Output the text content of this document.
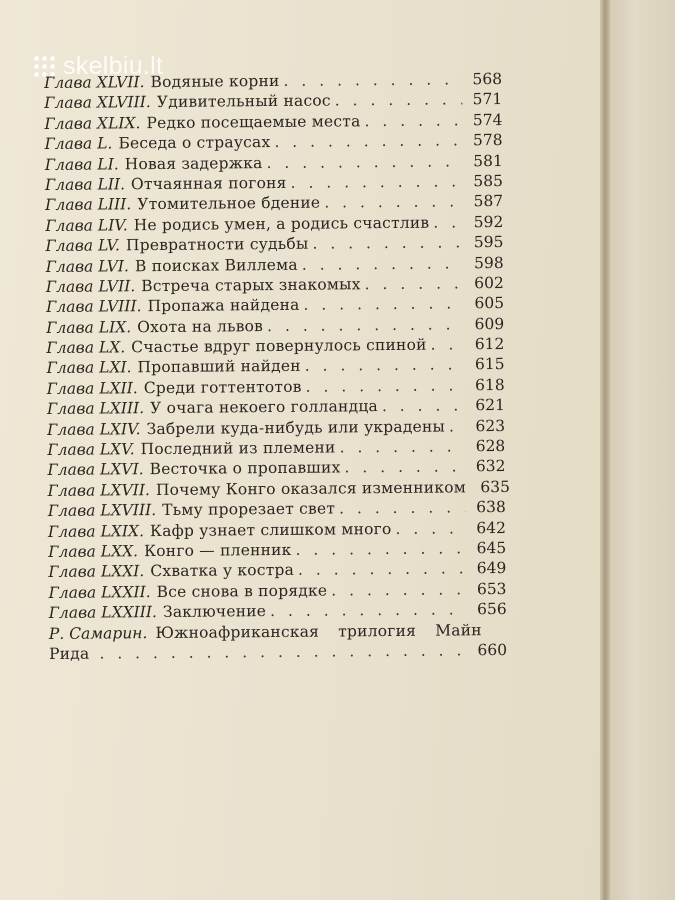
skelbiu.lt
Глава XLVII. Водяные корни . . .	568
Глава XLVIII. Удивительный насос . . .	571
Глава XLIX. Редко посещаемые места . . .	574
Глава L. Беседа о страусах . . .	578
Глава LI. Новая задержка . . .	581
Глава LII. Отчаянная погоня . . .	585
Глава LIII. Утомительное бдение . . .	587
Глава LIV. Не родись умен, а родись счастлив . . .	592
Глава LV. Превратности судьбы . . .	595
Глава LVI. В поисках Виллема . . .	598
Глава LVII. Встреча старых знакомых . . .	602
Глава LVIII. Пропажа найдена . . .	605
Глава LIX. Охота на львов . . .	609
Глава LX. Счастье вдруг повернулось спиной . . .	612
Глава LXI. Пропавший найден . . .	615
Глава LXII. Среди готтентотов . . .	618
Глава LXIII. У очага некоего голландца . . .	621
Глава LXIV. Забрели куда-нибудь или украдены . . .	623
Глава LXV. Последний из племени . . .	628
Глава LXVI. Весточка о пропавших . . .	632
Глава LXVII. Почему Конго оказался изменником . . . 635
Глава LXVIII. Тьму прорезает свет . . .	638
Глава LXIX. Кафр узнает слишком много . . .	642
Глава LXX. Конго — пленник . . .	645
Глава LXXI. Схватка у костра . . .	649
Глава LXXII. Все снова в порядке . . .	653
Глава LXXIII. Заключение . . .	656
Р. Самарин. Южноафриканская трилогия Майн
Рида . . .	660
